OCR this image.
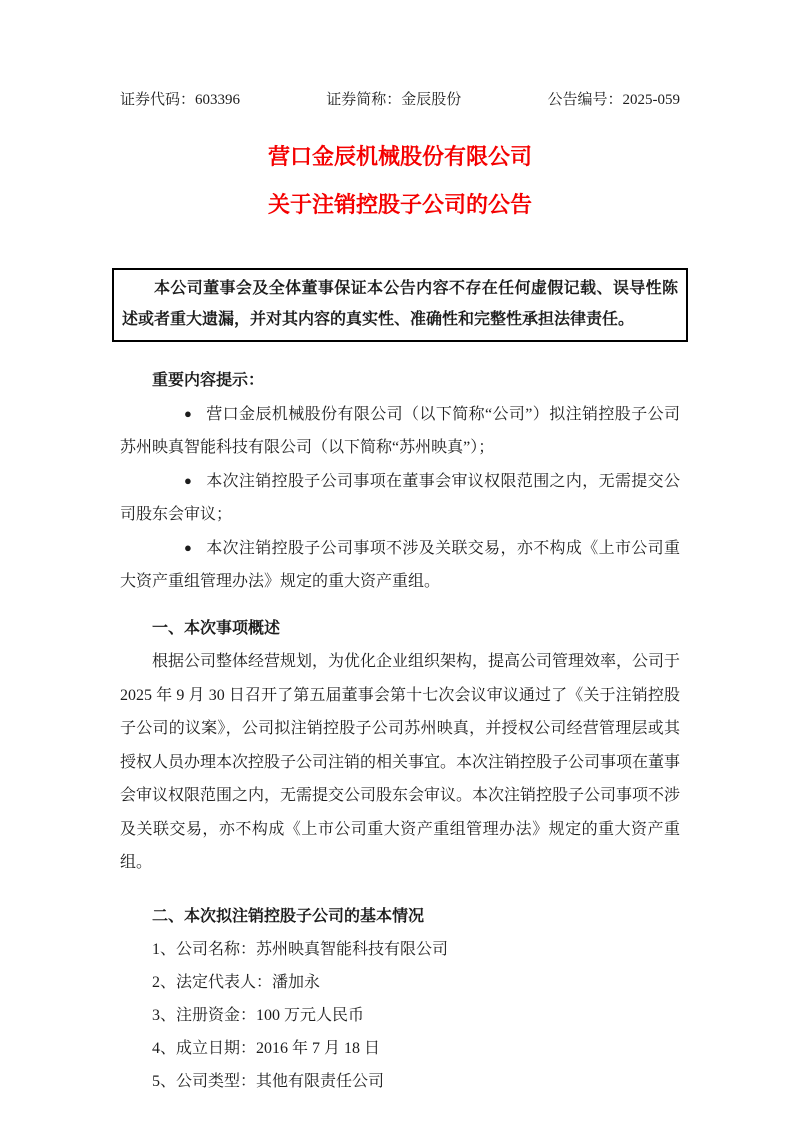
证券代码：603396	证券简称：金辰股份	公告编号：2025-059
营口金辰机械股份有限公司
关于注销控股子公司的公告

本公司董事会及全体董事保证本公告内容不存在任何虚假记载、误导性陈述或者重大遗漏，并对其内容的真实性、准确性和完整性承担法律责任。

重要内容提示：

● 营口金辰机械股份有限公司（以下简称“公司”）拟注销控股子公司苏州映真智能科技有限公司（以下简称“苏州映真”）；

● 本次注销控股子公司事项在董事会审议权限范围之内，无需提交公司股东会审议；

● 本次注销控股子公司事项不涉及关联交易，亦不构成《上市公司重大资产重组管理办法》规定的重大资产重组。

一、本次事项概述

根据公司整体经营规划，为优化企业组织架构，提高公司管理效率，公司于 2025 年 9 月 30 日召开了第五届董事会第十七次会议审议通过了《关于注销控股子公司的议案》，公司拟注销控股子公司苏州映真，并授权公司经营管理层或其授权人员办理本次控股子公司注销的相关事宜。本次注销控股子公司事项在董事会审议权限范围之内，无需提交公司股东会审议。本次注销控股子公司事项不涉及关联交易，亦不构成《上市公司重大资产重组管理办法》规定的重大资产重组。

二、本次拟注销控股子公司的基本情况

1、公司名称：苏州映真智能科技有限公司

2、法定代表人：潘加永

3、注册资金：100 万元人民币

4、成立日期：2016 年 7 月 18 日

5、公司类型：其他有限责任公司
